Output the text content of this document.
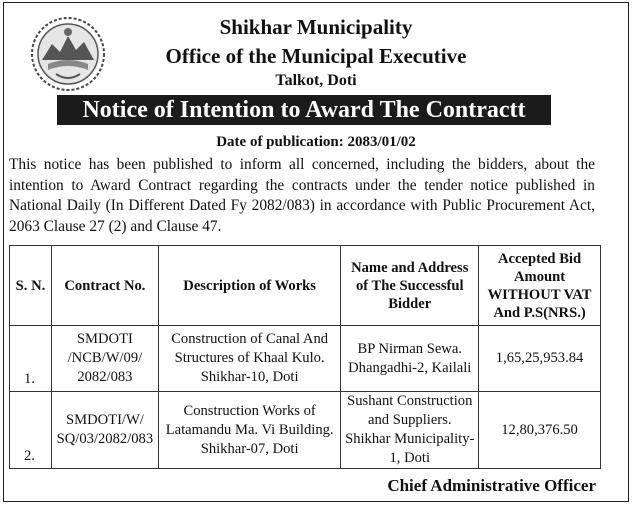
Shikhar Municipality
Office of the Municipal Executive
Talkot, Doti
Notice of Intention to Award The Contractt
Date of publication: 2083/01/02
This notice has been published to inform all concerned, including the bidders, about the intention to Award Contract regarding the contracts under the tender notice published in National Daily (In Different Dated Fy 2082/083) in accordance with Public Procurement Act, 2063 Clause 27 (2) and Clause 47.
S. N.	Contract No.	Description of Works	Name and Address of The Successful Bidder	Accepted Bid Amount WITHOUT VAT And P.S(NRS.)
1.	SMDOTI /NCB/W/09/ 2082/083	Construction of Canal And Structures of Khaal Kulo. Shikhar-10, Doti	BP Nirman Sewa. Dhangadhi-2, Kailali	1,65,25,953.84
2.	SMDOTI/W/ SQ/03/2082/083	Construction Works of Latamandu Ma. Vi Building. Shikhar-07, Doti	Sushant Construction and Suppliers. Shikhar Municipality-1, Doti	12,80,376.50
Chief Administrative Officer
